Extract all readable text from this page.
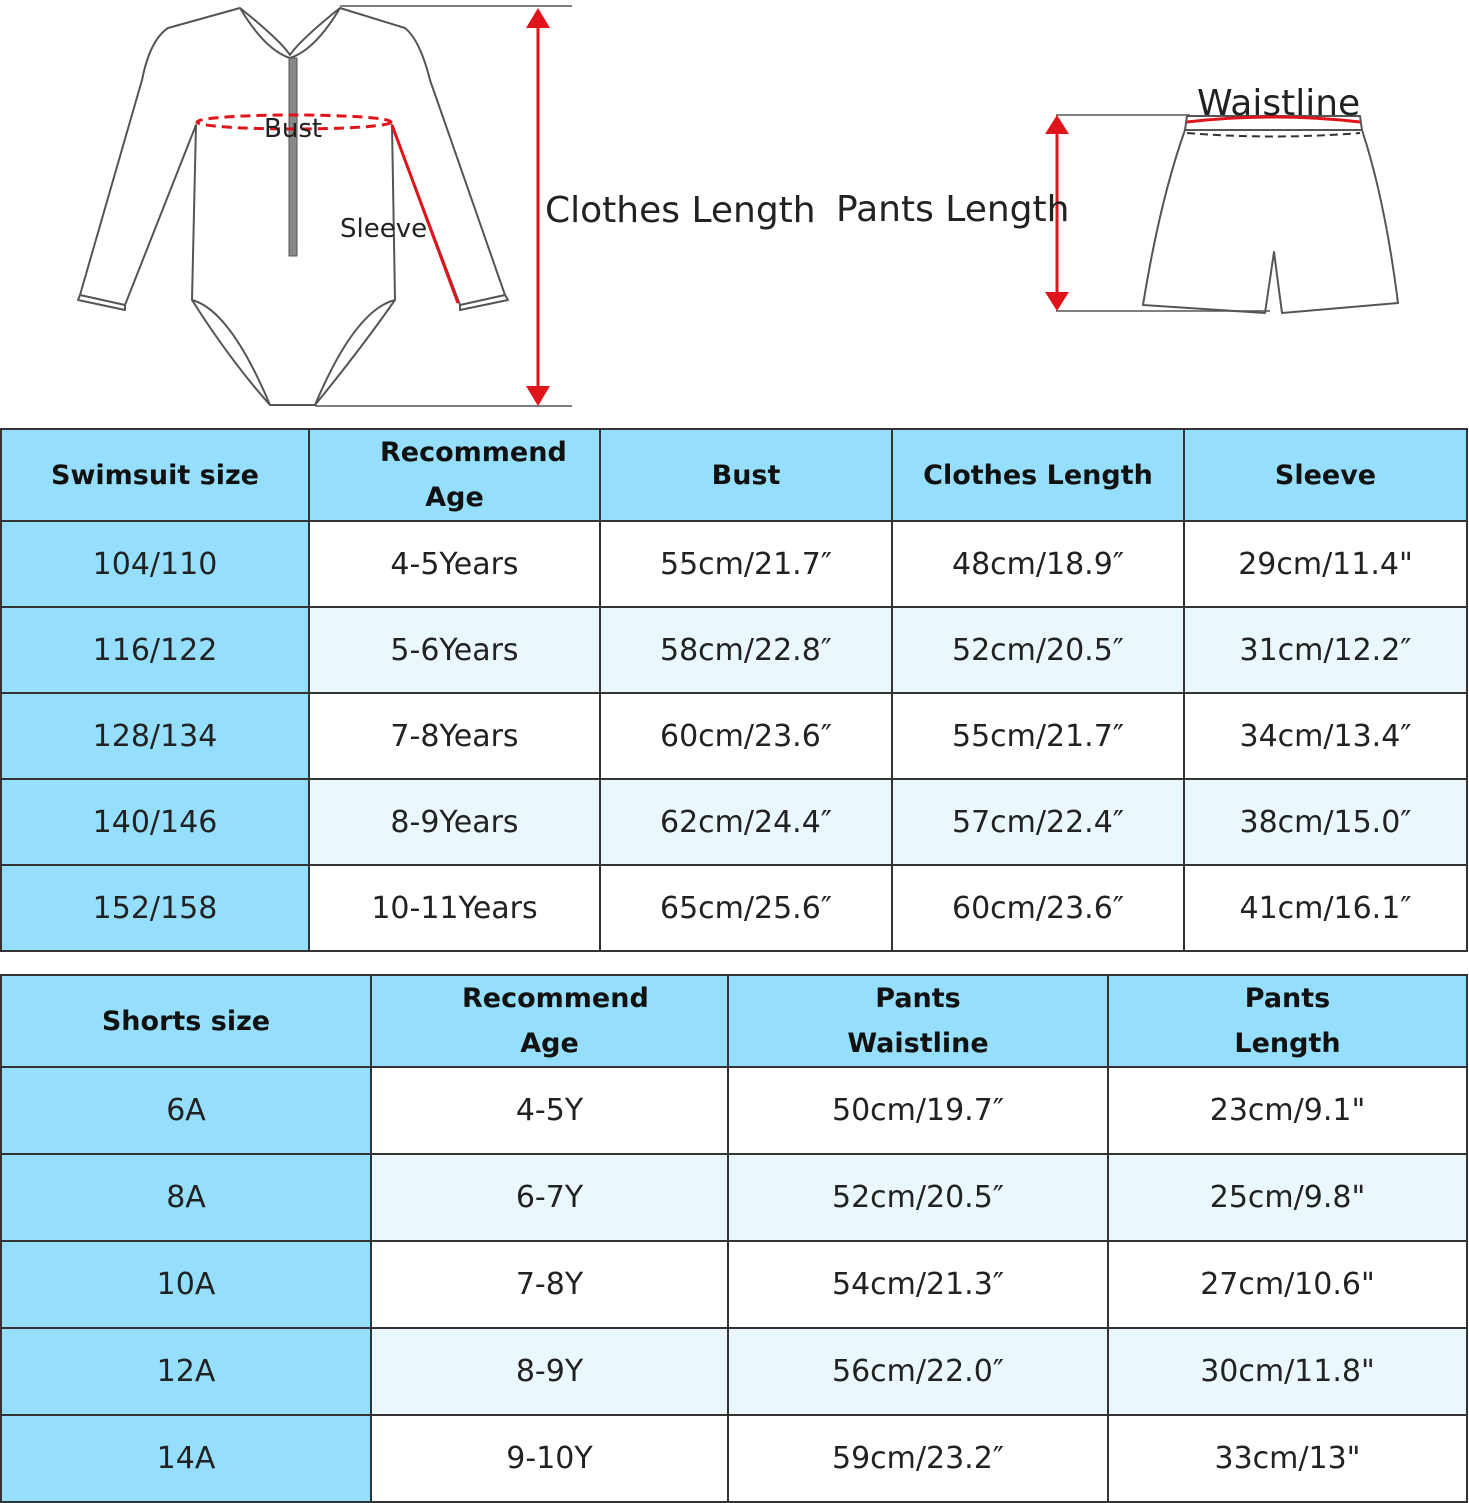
Bust
Sleeve	Clothes Length Pants Length
Waistline
Swimsuit size	Recommend Age	Bust	Clothes Length	Sleeve
104/110	4-5Years	55cm/21.7″	48cm/18.9″	29cm/11.4"
116/122	5-6Years	58cm/22.8″	52cm/20.5″	31cm/12.2″
128/134	7-8Years	60cm/23.6″	55cm/21.7″	34cm/13.4″
140/146	8-9Years	62cm/24.4″	57cm/22.4″	38cm/15.0″
152/158	10-11Years	65cm/25.6″	60cm/23.6″	41cm/16.1″
Shorts size	Recommend Age	Pants Waistline	Pants Length
6A	4-5Y	50cm/19.7″	23cm/9.1"
8A	6-7Y	52cm/20.5″	25cm/9.8"
10A	7-8Y	54cm/21.3″	27cm/10.6"
12A	8-9Y	56cm/22.0″	30cm/11.8"
14A	9-10Y	59cm/23.2″	33cm/13"
